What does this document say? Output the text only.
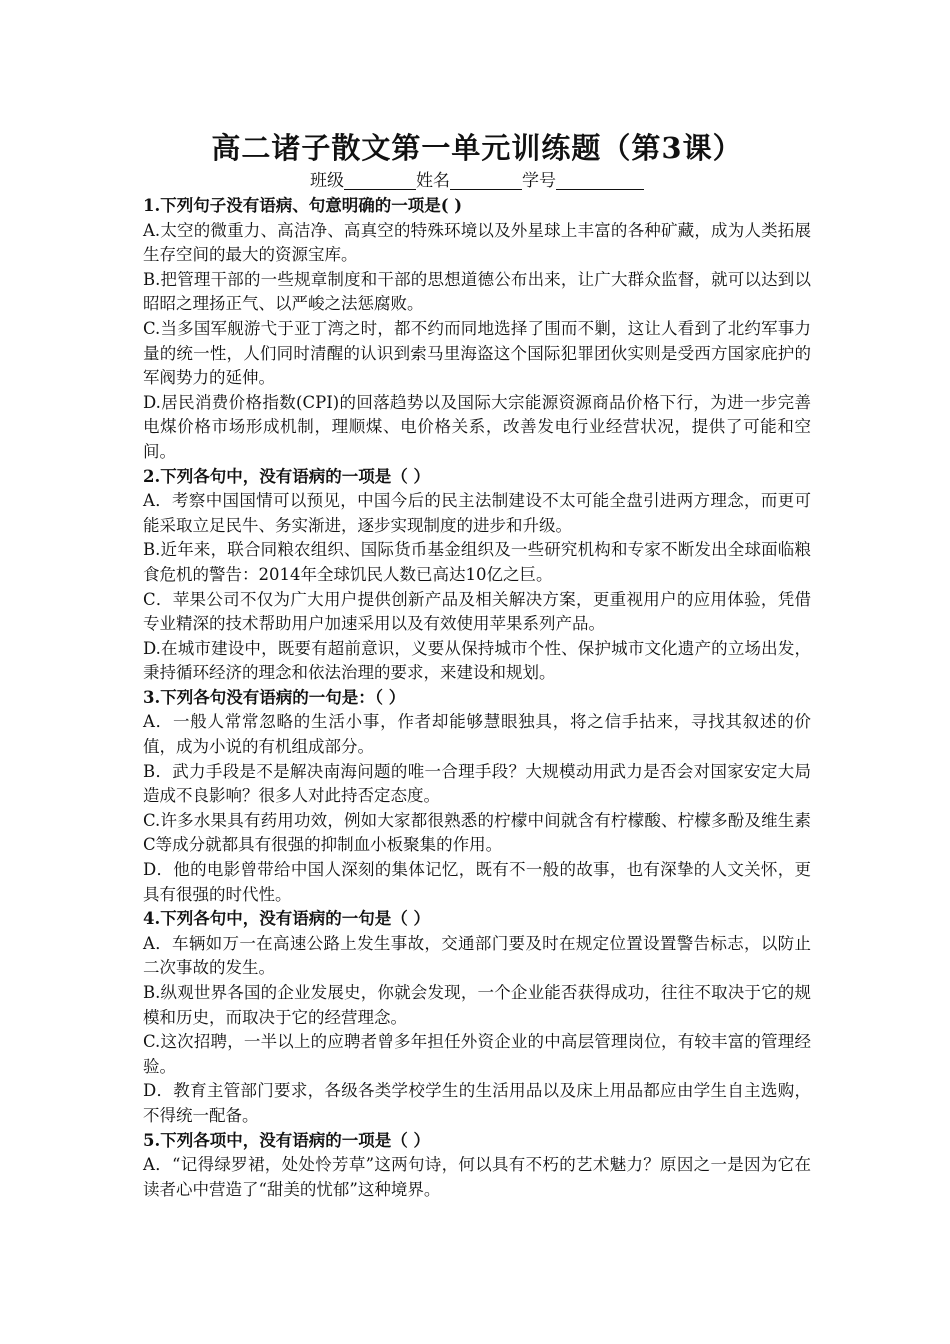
高二诸子散文第一单元训练题（第3课）
班级	姓名	学号
1.下列句子没有语病、句意明确的一项是( )
A.太空的微重力、高洁净、高真空的特殊环境以及外星球上丰富的各种矿藏，成为人类拓展生存空间的最大的资源宝库。
B.把管理干部的一些规章制度和干部的思想道德公布出来，让广大群众监督，就可以达到以昭昭之理扬正气、以严峻之法惩腐败。
C.当多国军舰游弋于亚丁湾之时，都不约而同地选择了围而不剿，这让人看到了北约军事力量的统一性，人们同时清醒的认识到索马里海盗这个国际犯罪团伙实则是受西方国家庇护的军阀势力的延伸。
D.居民消费价格指数(CPI)的回落趋势以及国际大宗能源资源商品价格下行，为进一步完善电煤价格市场形成机制，理顺煤、电价格关系，改善发电行业经营状况，提供了可能和空间。
2.下列各句中，没有语病的一项是（ ）
A．考察中国国情可以预见，中国今后的民主法制建设不太可能全盘引进两方理念，而更可能采取立足民牛、务实渐进，逐步实现制度的进步和升级。
B.近年来，联合同粮农组织、国际货币基金组织及一些研究机构和专家不断发出全球面临粮食危机的警告：2014年全球饥民人数已高达10亿之巨。
C．苹果公司不仅为广大用户提供创新产品及相关解决方案，更重视用户的应用体验，凭借专业精深的技术帮助用户加速采用以及有效使用苹果系列产品。
D.在城市建设中，既要有超前意识，义要从保持城市个性、保护城市文化遗产的立场出发，秉持循环经济的理念和依法治理的要求，来建设和规划。
3.下列各句没有语病的一句是：（ ）
A．一般人常常忽略的生活小事，作者却能够慧眼独具，将之信手拈来，寻找其叙述的价值，成为小说的有机组成部分。
B．武力手段是不是解决南海问题的唯一合理手段？大规模动用武力是否会对国家安定大局造成不良影响？很多人对此持否定态度。
C.许多水果具有药用功效，例如大家都很熟悉的柠檬中间就含有柠檬酸、柠檬多酚及维生素C等成分就都具有很强的抑制血小板聚集的作用。
D．他的电影曾带给中国人深刻的集体记忆，既有不一般的故事，也有深挚的人文关怀，更具有很强的时代性。
4.下列各句中，没有语病的一句是（ ）
A．车辆如万一在高速公路上发生事故，交通部门要及时在规定位置设置警告标志，以防止二次事故的发生。
B.纵观世界各国的企业发展史，你就会发现，一个企业能否获得成功，往往不取决于它的规模和历史，而取决于它的经营理念。
C.这次招聘，一半以上的应聘者曾多年担任外资企业的中高层管理岗位，有较丰富的管理经验。
D．教育主管部门要求，各级各类学校学生的生活用品以及床上用品都应由学生自主选购，不得统一配备。
5.下列各项中，没有语病的一项是（ ）
A．“记得绿罗裙，处处怜芳草”这两句诗，何以具有不朽的艺术魅力？原因之一是因为它在读者心中营造了“甜美的忧郁”这种境界。
